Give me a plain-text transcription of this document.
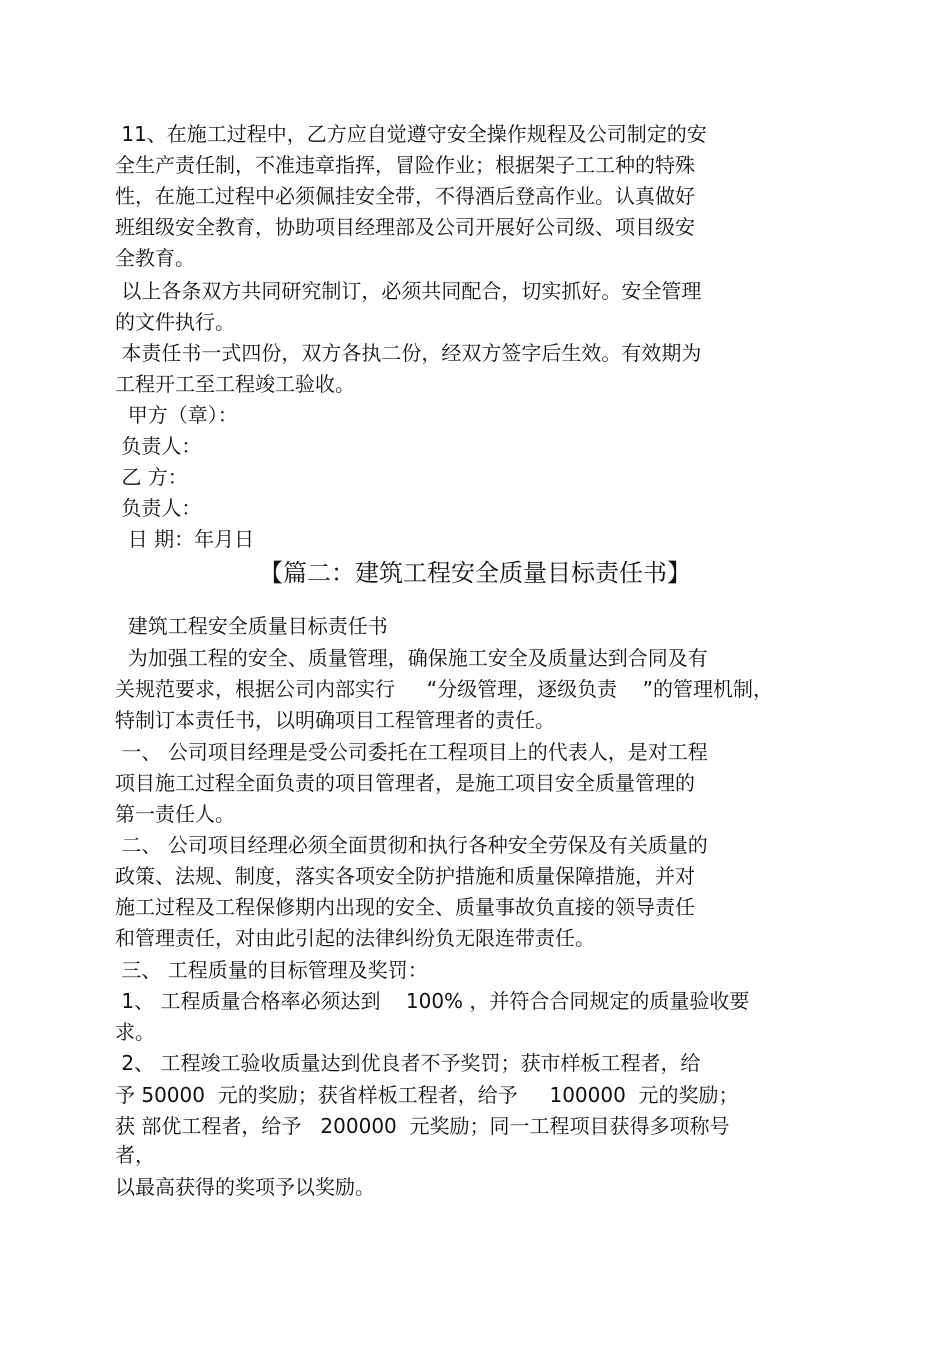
11、在施工过程中，乙方应自觉遵守安全操作规程及公司制定的安
全生产责任制，不准违章指挥，冒险作业；根据架子工工种的特殊
性，在施工过程中必须佩挂安全带，不得酒后登高作业。认真做好
班组级安全教育，协助项目经理部及公司开展好公司级、项目级安
全教育。
以上各条双方共同研究制订，必须共同配合，切实抓好。安全管理
的文件执行。
本责任书一式四份，双方各执二份，经双方签字后生效。有效期为
工程开工至工程竣工验收。
甲方（章）：
负责人：
乙 方：
负责人：
日 期：年月日
【篇二：建筑工程安全质量目标责任书】
建筑工程安全质量目标责任书
为加强工程的安全、质量管理，确保施工安全及质量达到合同及有
关规范要求，根据公司内部实行     “分级管理，逐级负责    ”的管理机制，
特制订本责任书，以明确项目工程管理者的责任。
一、 公司项目经理是受公司委托在工程项目上的代表人，是对工程
项目施工过程全面负责的项目管理者，是施工项目安全质量管理的
第一责任人。
二、 公司项目经理必须全面贯彻和执行各种安全劳保及有关质量的
政策、法规、制度，落实各项安全防护措施和质量保障措施，并对
施工过程及工程保修期内出现的安全、质量事故负直接的领导责任
和管理责任，对由此引起的法律纠纷负无限连带责任。
三、 工程质量的目标管理及奖罚：
1、 工程质量合格率必须达到    100% ，并符合合同规定的质量验收要
求。
2、 工程竣工验收质量达到优良者不予奖罚；获市样板工程者，给
予 50000  元的奖励；获省样板工程者，给予     100000  元的奖励；
获 部优工程者，给予   200000  元奖励；同一工程项目获得多项称号
者，
以最高获得的奖项予以奖励。
